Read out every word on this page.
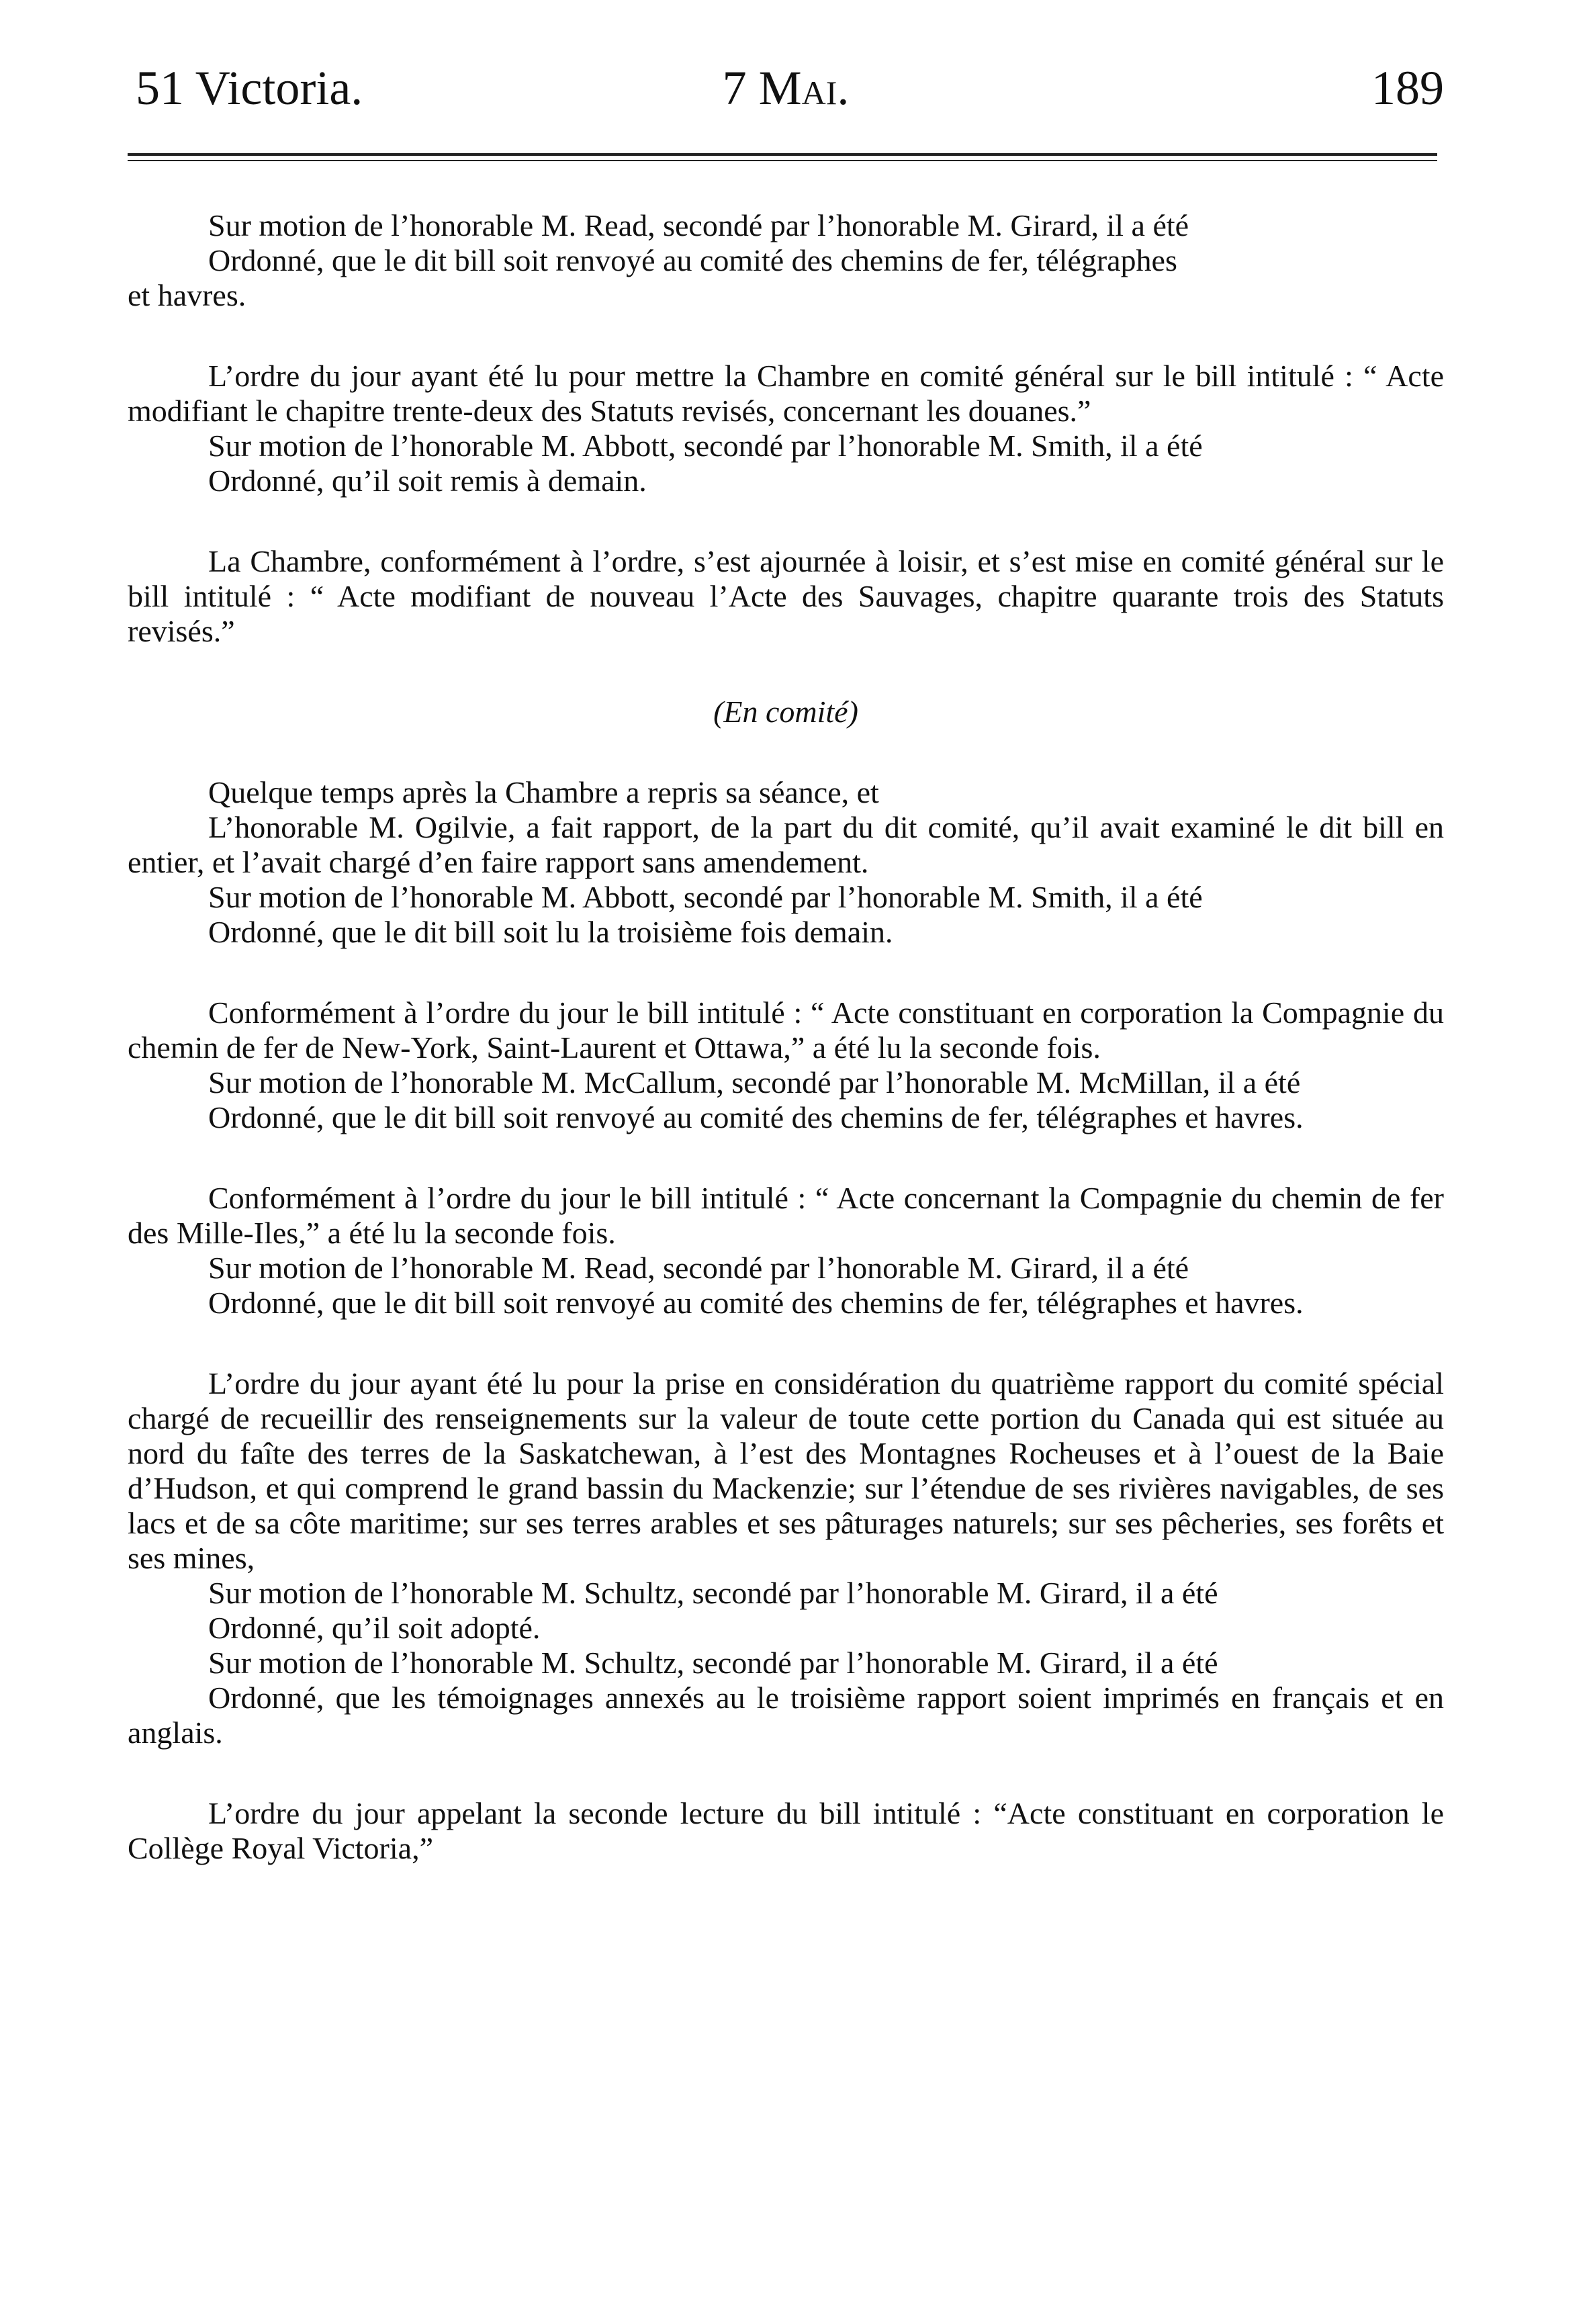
51 Victoria.	7 Mai.	189

Sur motion de l’honorable M. Read, secondé par l’honorable M. Girard, il a été

Ordonné, que le dit bill soit renvoyé au comité des chemins de fer, télégraphes

et havres.

L’ordre du jour ayant été lu pour mettre la Chambre en comité général sur le bill intitulé : “ Acte modifiant le chapitre trente-deux des Statuts revisés, concernant les douanes.”

Sur motion de l’honorable M. Abbott, secondé par l’honorable M. Smith, il a été

Ordonné, qu’il soit remis à demain.

La Chambre, conformément à l’ordre, s’est ajournée à loisir, et s’est mise en comité général sur le bill intitulé : “ Acte modifiant de nouveau l’Acte des Sauvages, chapitre quarante trois des Statuts revisés.”

(En comité)

Quelque temps après la Chambre a repris sa séance, et

L’honorable M. Ogilvie, a fait rapport, de la part du dit comité, qu’il avait examiné le dit bill en entier, et l’avait chargé d’en faire rapport sans amendement.

Sur motion de l’honorable M. Abbott, secondé par l’honorable M. Smith, il a été

Ordonné, que le dit bill soit lu la troisième fois demain.

Conformément à l’ordre du jour le bill intitulé : “ Acte constituant en corporation la Compagnie du chemin de fer de New-York, Saint-Laurent et Ottawa,” a été lu la seconde fois.

Sur motion de l’honorable M. McCallum, secondé par l’honorable M. McMillan, il a été

Ordonné, que le dit bill soit renvoyé au comité des chemins de fer, télégraphes et havres.

Conformément à l’ordre du jour le bill intitulé : “ Acte concernant la Compagnie du chemin de fer des Mille-Iles,” a été lu la seconde fois.

Sur motion de l’honorable M. Read, secondé par l’honorable M. Girard, il a été

Ordonné, que le dit bill soit renvoyé au comité des chemins de fer, télégraphes et havres.

L’ordre du jour ayant été lu pour la prise en considération du quatrième rapport du comité spécial chargé de recueillir des renseignements sur la valeur de toute cette portion du Canada qui est située au nord du faîte des terres de la Saskatchewan, à l’est des Montagnes Rocheuses et à l’ouest de la Baie d’Hudson, et qui comprend le grand bassin du Mackenzie; sur l’étendue de ses rivières navigables, de ses lacs et de sa côte maritime; sur ses terres arables et ses pâturages naturels; sur ses pêcheries, ses forêts et ses mines,

Sur motion de l’honorable M. Schultz, secondé par l’honorable M. Girard, il a été

Ordonné, qu’il soit adopté.

Sur motion de l’honorable M. Schultz, secondé par l’honorable M. Girard, il a été

Ordonné, que les témoignages annexés au le troisième rapport soient imprimés en français et en anglais.

L’ordre du jour appelant la seconde lecture du bill intitulé : “Acte constituant en corporation le Collège Royal Victoria,”
